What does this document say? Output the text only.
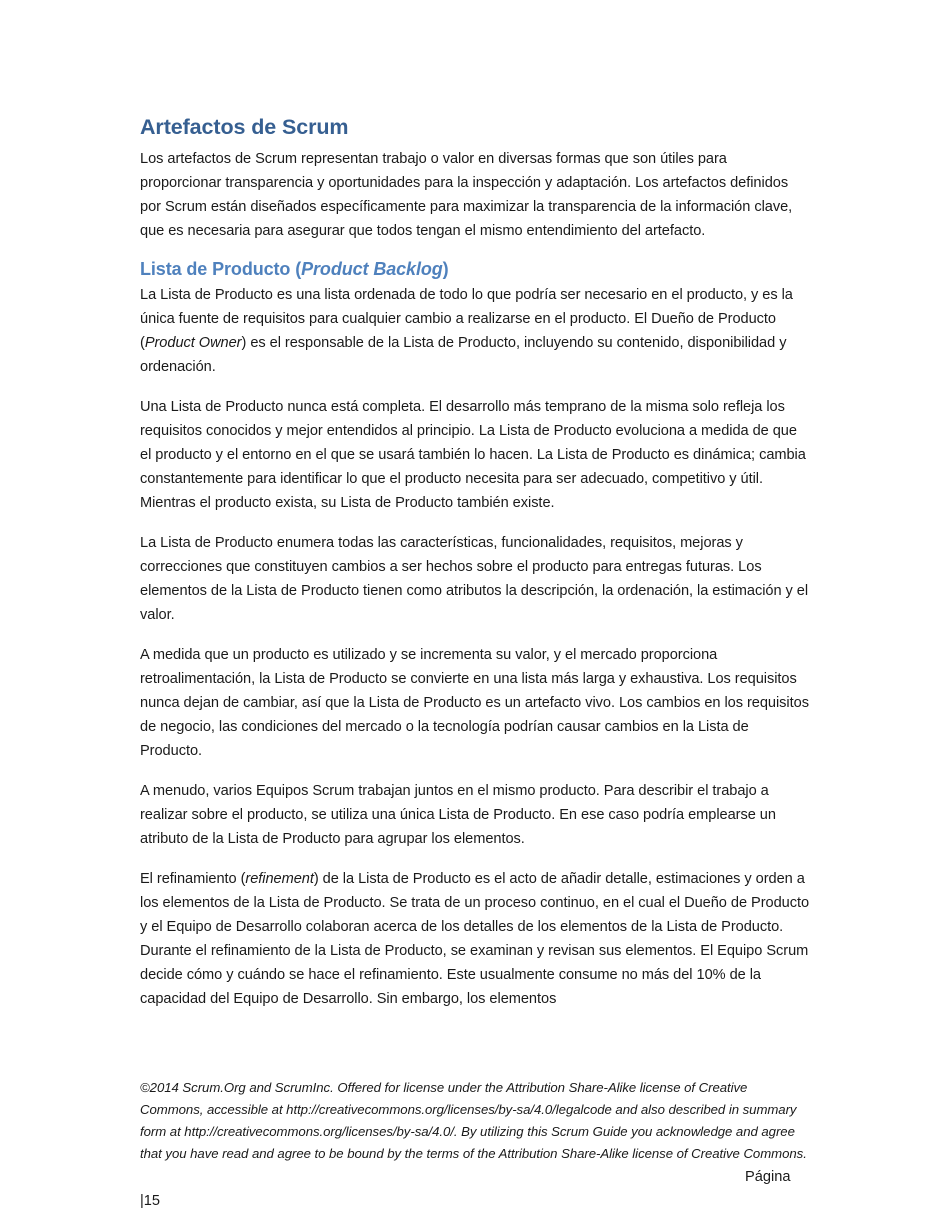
Artefactos de Scrum

Los artefactos de Scrum representan trabajo o valor en diversas formas que son útiles para proporcionar transparencia y oportunidades para la inspección y adaptación. Los artefactos definidos por Scrum están diseñados específicamente para maximizar la transparencia de la información clave, que es necesaria para asegurar que todos tengan el mismo entendimiento del artefacto.

Lista de Producto (Product Backlog)

La Lista de Producto es una lista ordenada de todo lo que podría ser necesario en el producto, y es la única fuente de requisitos para cualquier cambio a realizarse en el producto. El Dueño de Producto (Product Owner) es el responsable de la Lista de Producto, incluyendo su contenido, disponibilidad y ordenación.

Una Lista de Producto nunca está completa. El desarrollo más temprano de la misma solo refleja los requisitos conocidos y mejor entendidos al principio. La Lista de Producto evoluciona a medida de que el producto y el entorno en el que se usará también lo hacen. La Lista de Producto es dinámica; cambia constantemente para identificar lo que el producto necesita para ser adecuado, competitivo y útil. Mientras el producto exista, su Lista de Producto también existe.

La Lista de Producto enumera todas las características, funcionalidades, requisitos, mejoras y correcciones que constituyen cambios a ser hechos sobre el producto para entregas futuras. Los elementos de la Lista de Producto tienen como atributos la descripción, la ordenación, la estimación y el valor.

A medida que un producto es utilizado y se incrementa su valor, y el mercado proporciona retroalimentación, la Lista de Producto se convierte en una lista más larga y exhaustiva. Los requisitos nunca dejan de cambiar, así que la Lista de Producto es un artefacto vivo. Los cambios en los requisitos de negocio, las condiciones del mercado o la tecnología podrían causar cambios en la Lista de Producto.

A menudo, varios Equipos Scrum trabajan juntos en el mismo producto. Para describir el trabajo a realizar sobre el producto, se utiliza una única Lista de Producto. En ese caso podría emplearse un atributo de la Lista de Producto para agrupar los elementos.

El refinamiento (refinement) de la Lista de Producto es el acto de añadir detalle, estimaciones y orden a los elementos de la Lista de Producto. Se trata de un proceso continuo, en el cual el Dueño de Producto y el Equipo de Desarrollo colaboran acerca de los detalles de los elementos de la Lista de Producto. Durante el refinamiento de la Lista de Producto, se examinan y revisan sus elementos. El Equipo Scrum decide cómo y cuándo se hace el refinamiento. Este usualmente consume no más del 10% de la capacidad del Equipo de Desarrollo. Sin embargo, los elementos

©2014 Scrum.Org and ScrumInc. Offered for license under the Attribution Share-Alike license of Creative Commons, accessible at http://creativecommons.org/licenses/by-sa/4.0/legalcode and also described in summary form at http://creativecommons.org/licenses/by-sa/4.0/. By utilizing this Scrum Guide you acknowledge and agree that you have read and agree to be bound by the terms of the Attribution Share-Alike license of Creative Commons.
Página
|15
